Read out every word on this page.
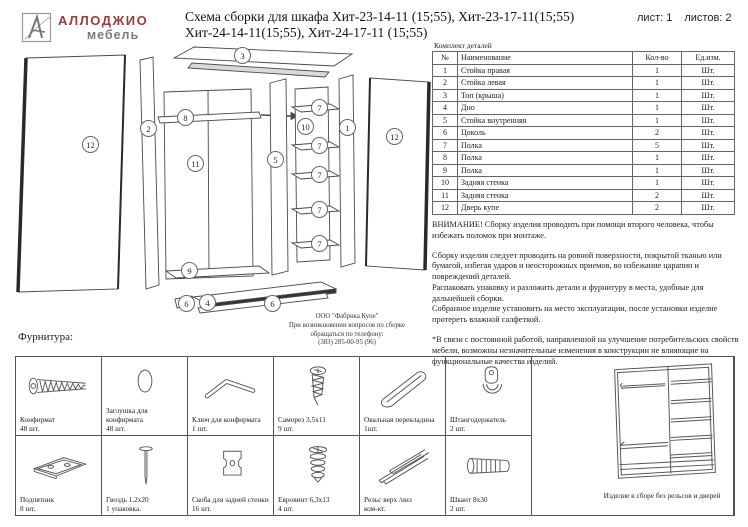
АЛЛОДЖИО
мебель
Схема сборки для шкафа Хит-23-14-11 (15;55), Хит-23-17-11(15;55)
Хит-24-14-11(15;55), Хит-24-17-11 (15;55)
лист: 1 листов: 2
3
12
2
8
11	5
10
7
7
7
7
7
1
12
9
6	4	6
Комплект деталей
№	Наименование	Кол-во	Ед.изм.
1	Стойка правая	1	Шт.
2	Стойка левая	1	Шт.
3	Топ (крыша)	1	Шт.
4	Дно	1	Шт.
5	Стойка внутренняя	1	Шт.
6	Цоколь	2	Шт.
7	Полка	5	Шт.
8	Полка	1	Шт.
9	Полка	1	Шт.
10	Задняя стенка	1	Шт.
11	Задняя стенка	2	Шт.
12	Дверь купе	2	Шт.

ВНИМАНИЕ! Сборку изделия проводить при помощи второго человека, чтобы избежать поломок при монтаже.

Сборку изделия следует проводить на ровной поверхности, покрытой тканью или бумагой, избегая ударов и неосторожных приемов, во избежание царапин и повреждений деталей.

Распаковать упаковку и разложить детали и фурнитуру в места, удобные для дальнейшей сборки.

Собранное изделие установить на место эксплуатации, после установки изделие протереть влажной салфеткой.

*В связи с постоянной работой, направленной на улучшение потребительских свойств мебели, возможны незначительные изменения в конструкции не влияющие на функциональные качества изделий.

ООО "Фабрика Купе"
При возникновении вопросов по сборке
обращаться по телефону:
(383) 285-00-95 (96)
Фурнитура:
Конфирмат
48 шт.
Заглушка для конфирмата
48 шт.
Ключ для конфирмата
1 шт.
Саморез 3,5х11
9 шт.
Овальная перекладина
1шт.
Штангодержатель
2 шт.
Изделие в сборе без рельсов и дверей
Подпятник
8 шт.
Гвоздь 1.2х20
1 упаковка.
Скоба для задней стенки
16 шт.
Евровинт 6,3х13
4 шт.
Рельс верх /низ
ком-кт.
Шкант 8х30
2 шт.
